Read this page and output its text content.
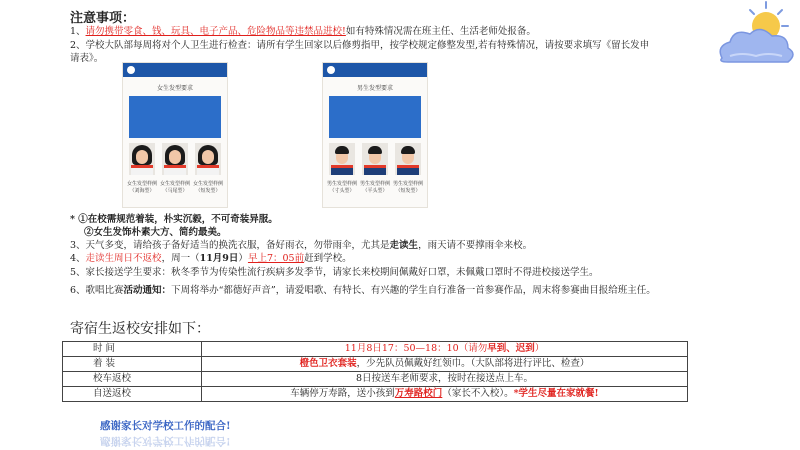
注意事项：
1、请勿携带零食、钱、玩具、电子产品、危险物品等违禁品进校!如有特殊情况需在班主任、生活老师处报备。
2、学校大队部每周将对个人卫生进行检查：请所有学生回家以后修剪指甲，按学校规定修整发型,若有特殊情况，请按要求填写《留长发申
请表》。
女生发型要求
女生发型样例（刘海型）
女生发型样例（马尾型）
女生发型样例（短发型）
男生发型要求
男生发型样例（寸头型）
男生发型样例（平头型）
男生发型样例（短发型）
* ①在校需规范着装，朴实沉毅，不可奇装异服。
②女生发饰朴素大方、简约最美。
3、天气多变，请给孩子备好适当的换洗衣服，备好雨衣，勿带雨伞，尤其是走读生，雨天请不要撑雨伞来校。
4、走读生周日不返校，周一（11月9日）早上7：05前赶到学校。
5、家长接送学生要求：秋冬季节为传染性流行疾病多发季节，请家长来校期间佩戴好口罩，未佩戴口罩时不得进校接送学生。
6、歌唱比赛活动通知：下周将举办“都德好声音”，请爱唱歌、有特长、有兴趣的学生自行准备一首参赛作品，周末将参赛曲目报给班主任。
寄宿生返校安排如下：
时 间	11月8日17：50—18：10（请勿早到、迟到）
着 装	橙色卫衣套装，少先队员佩戴好红领巾。（大队部将进行评比、检查）
校车返校	8日按送车老师要求，按时在接送点上车。
自送返校	车辆停万寿路，送小孩到万寿路校门（家长不入校）。*学生尽量在家就餐!
感谢家长对学校工作的配合!
感谢家长对学校工作的配合!
